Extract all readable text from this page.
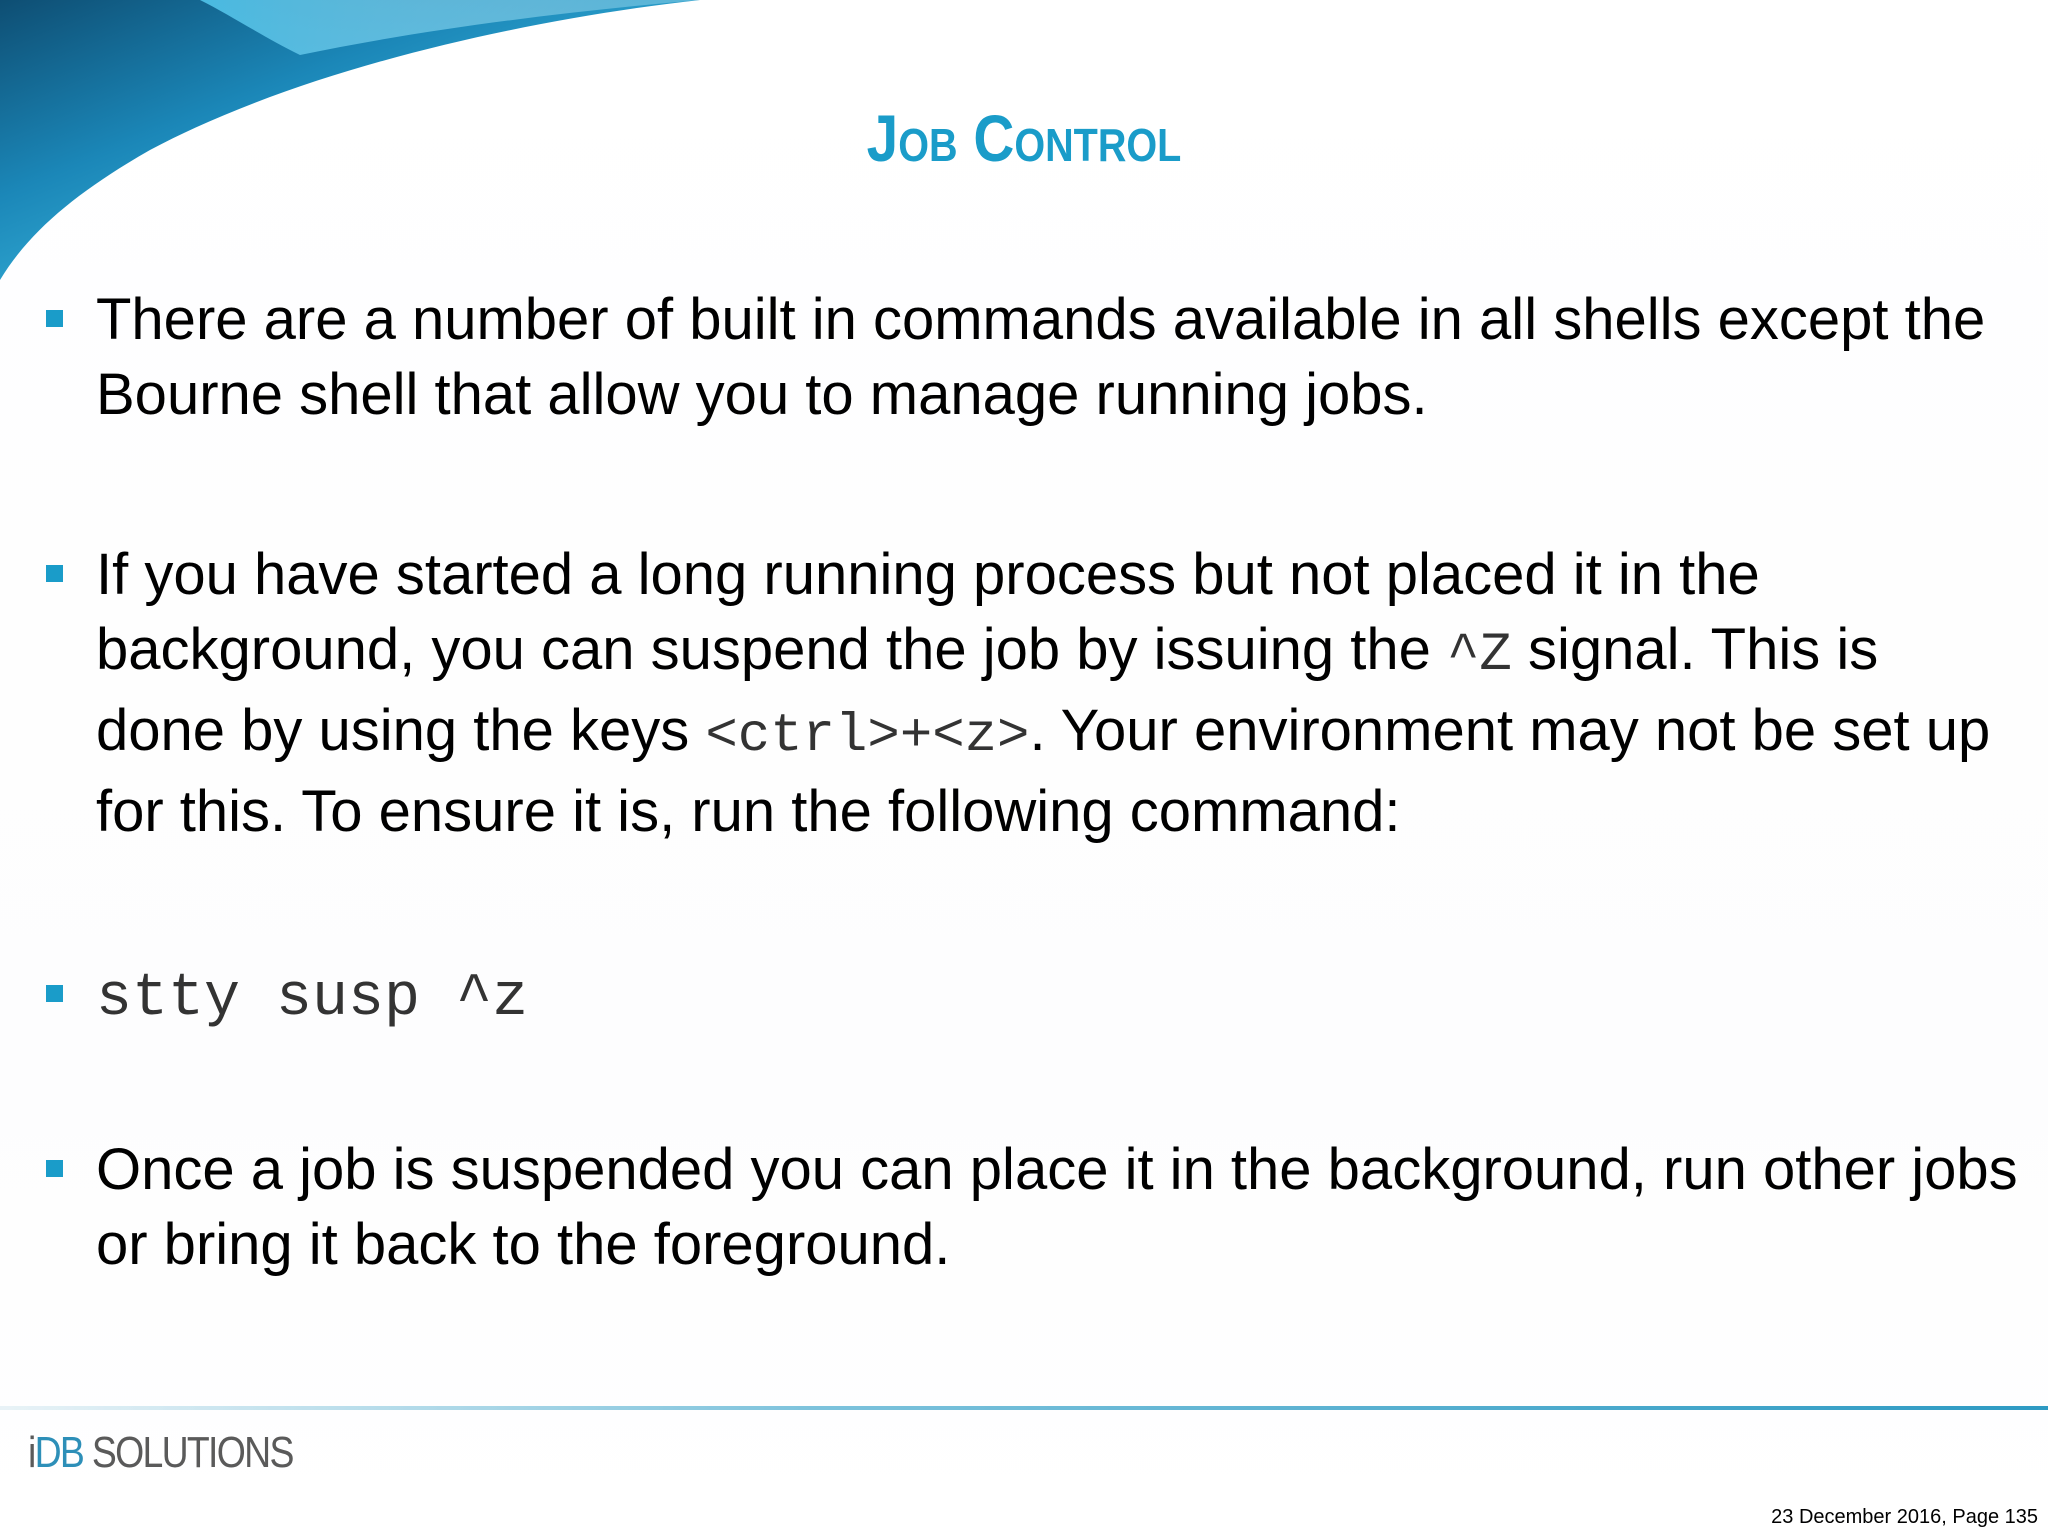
Job Control
There are a number of built in commands available in all shells except the Bourne shell that allow you to manage running jobs.
If you have started a long running process but not placed it in the background, you can suspend the job by issuing the ^Z signal. This is done by using the keys <ctrl>+<z>. Your environment may not be set up for this. To ensure it is, run the following command:
stty susp ^z
Once a job is suspended you can place it in the background, run other jobs or bring it back to the foreground.
iDB SOLUTIONS
23 December 2016, Page 135
